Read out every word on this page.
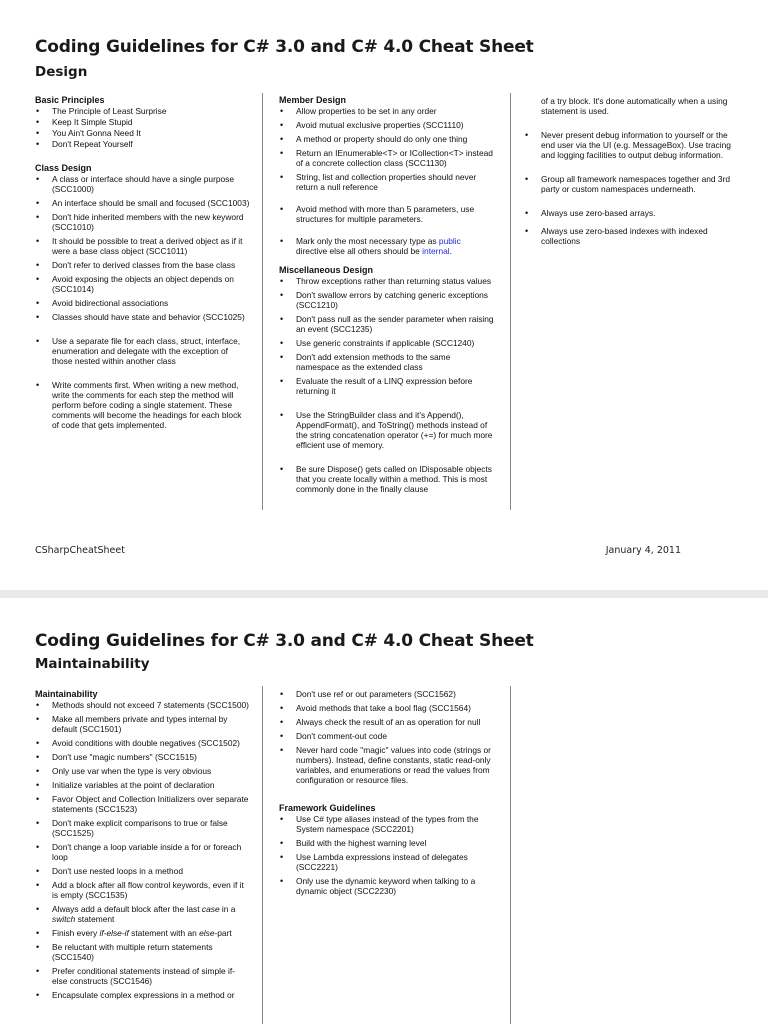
Coding Guidelines for C# 3.0 and C# 4.0 Cheat Sheet
Design
Basic Principles
• The Principle of Least Surprise
• Keep It Simple Stupid
• You Ain't Gonna Need It
• Don't Repeat Yourself
Class Design
• A class or interface should have a single purpose (SCC1000)
• An interface should be small and focused (SCC1003)
• Don't hide inherited members with the new keyword (SCC1010)
• It should be possible to treat a derived object as if it were a base class object (SCC1011)
• Don't refer to derived classes from the base class
• Avoid exposing the objects an object depends on (SCC1014)
• Avoid bidirectional associations
• Classes should have state and behavior (SCC1025)
• Use a separate file for each class, struct, interface, enumeration and delegate with the exception of those nested within another class
• Write comments first. When writing a new method, write the comments for each step the method will perform before coding a single statement. These comments will become the headings for each block of code that gets implemented.
Member Design
• Allow properties to be set in any order
• Avoid mutual exclusive properties (SCC1110)
• A method or property should do only one thing
• Return an IEnumerable<T> or ICollection<T> instead of a concrete collection class (SCC1130)
• String, list and collection properties should never return a null reference
• Avoid method with more than 5 parameters, use structures for multiple parameters.
• Mark only the most necessary type as public directive else all others should be internal.
Miscellaneous Design
• Throw exceptions rather than returning status values
• Don't swallow errors by catching generic exceptions (SCC1210)
• Don't pass null as the sender parameter when raising an event (SCC1235)
• Use generic constraints if applicable (SCC1240)
• Don't add extension methods to the same namespace as the extended class
• Evaluate the result of a LINQ expression before returning it
• Use the StringBuilder class and it's Append(), AppendFormat(), and ToString() methods instead of the string concatenation operator (+=) for much more efficient use of memory.
• Be sure Dispose() gets called on IDisposable objects that you create locally within a method. This is most commonly done in the finally clause
of a try block. It's done automatically when a using statement is used.
• Never present debug information to yourself or the end user via the UI (e.g. MessageBox). Use tracing and logging facilities to output debug information.
• Group all framework namespaces together and 3rd party or custom namespaces underneath.
• Always use zero-based arrays.
• Always use zero-based indexes with indexed collections
CSharpCheatSheet	January 4, 2011
Coding Guidelines for C# 3.0 and C# 4.0 Cheat Sheet
Maintainability
Maintainability
• Methods should not exceed 7 statements (SCC1500)
• Make all members private and types internal by default (SCC1501)
• Avoid conditions with double negatives (SCC1502)
• Don't use "magic numbers" (SCC1515)
• Only use var when the type is very obvious
• Initialize variables at the point of declaration
• Favor Object and Collection Initializers over separate statements (SCC1523)
• Don't make explicit comparisons to true or false (SCC1525)
• Don't change a loop variable inside a for or foreach loop
• Don't use nested loops in a method
• Add a block after all flow control keywords, even if it is empty (SCC1535)
• Always add a default block after the last case in a switch statement
• Finish every if-else-if statement with an else-part
• Be reluctant with multiple return statements (SCC1540)
• Prefer conditional statements instead of simple if-else constructs (SCC1546)
• Encapsulate complex expressions in a method or
• Don't use ref or out parameters (SCC1562)
• Avoid methods that take a bool flag (SCC1564)
• Always check the result of an as operation for null
• Don't comment-out code
• Never hard code "magic" values into code (strings or numbers). Instead, define constants, static read-only variables, and enumerations or read the values from configuration or resource files.
Framework Guidelines
• Use C# type aliases instead of the types from the System namespace (SCC2201)
• Build with the highest warning level
• Use Lambda expressions instead of delegates (SCC2221)
• Only use the dynamic keyword when talking to a dynamic object (SCC2230)
